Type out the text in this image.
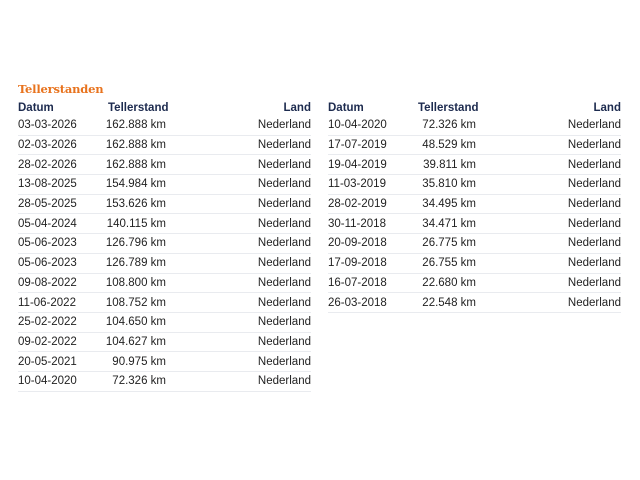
Tellerstanden
Datum	Tellerstand	Land
03-03-2026	162.888 km	Nederland
02-03-2026	162.888 km	Nederland
28-02-2026	162.888 km	Nederland
13-08-2025	154.984 km	Nederland
28-05-2025	153.626 km	Nederland
05-04-2024	140.115 km	Nederland
05-06-2023	126.796 km	Nederland
05-06-2023	126.789 km	Nederland
09-08-2022	108.800 km	Nederland
11-06-2022	108.752 km	Nederland
25-02-2022	104.650 km	Nederland
09-02-2022	104.627 km	Nederland
20-05-2021	90.975 km	Nederland
10-04-2020	72.326 km	Nederland
Datum	Tellerstand	Land
10-04-2020	72.326 km	Nederland
17-07-2019	48.529 km	Nederland
19-04-2019	39.811 km	Nederland
11-03-2019	35.810 km	Nederland
28-02-2019	34.495 km	Nederland
30-11-2018	34.471 km	Nederland
20-09-2018	26.775 km	Nederland
17-09-2018	26.755 km	Nederland
16-07-2018	22.680 km	Nederland
26-03-2018	22.548 km	Nederland
